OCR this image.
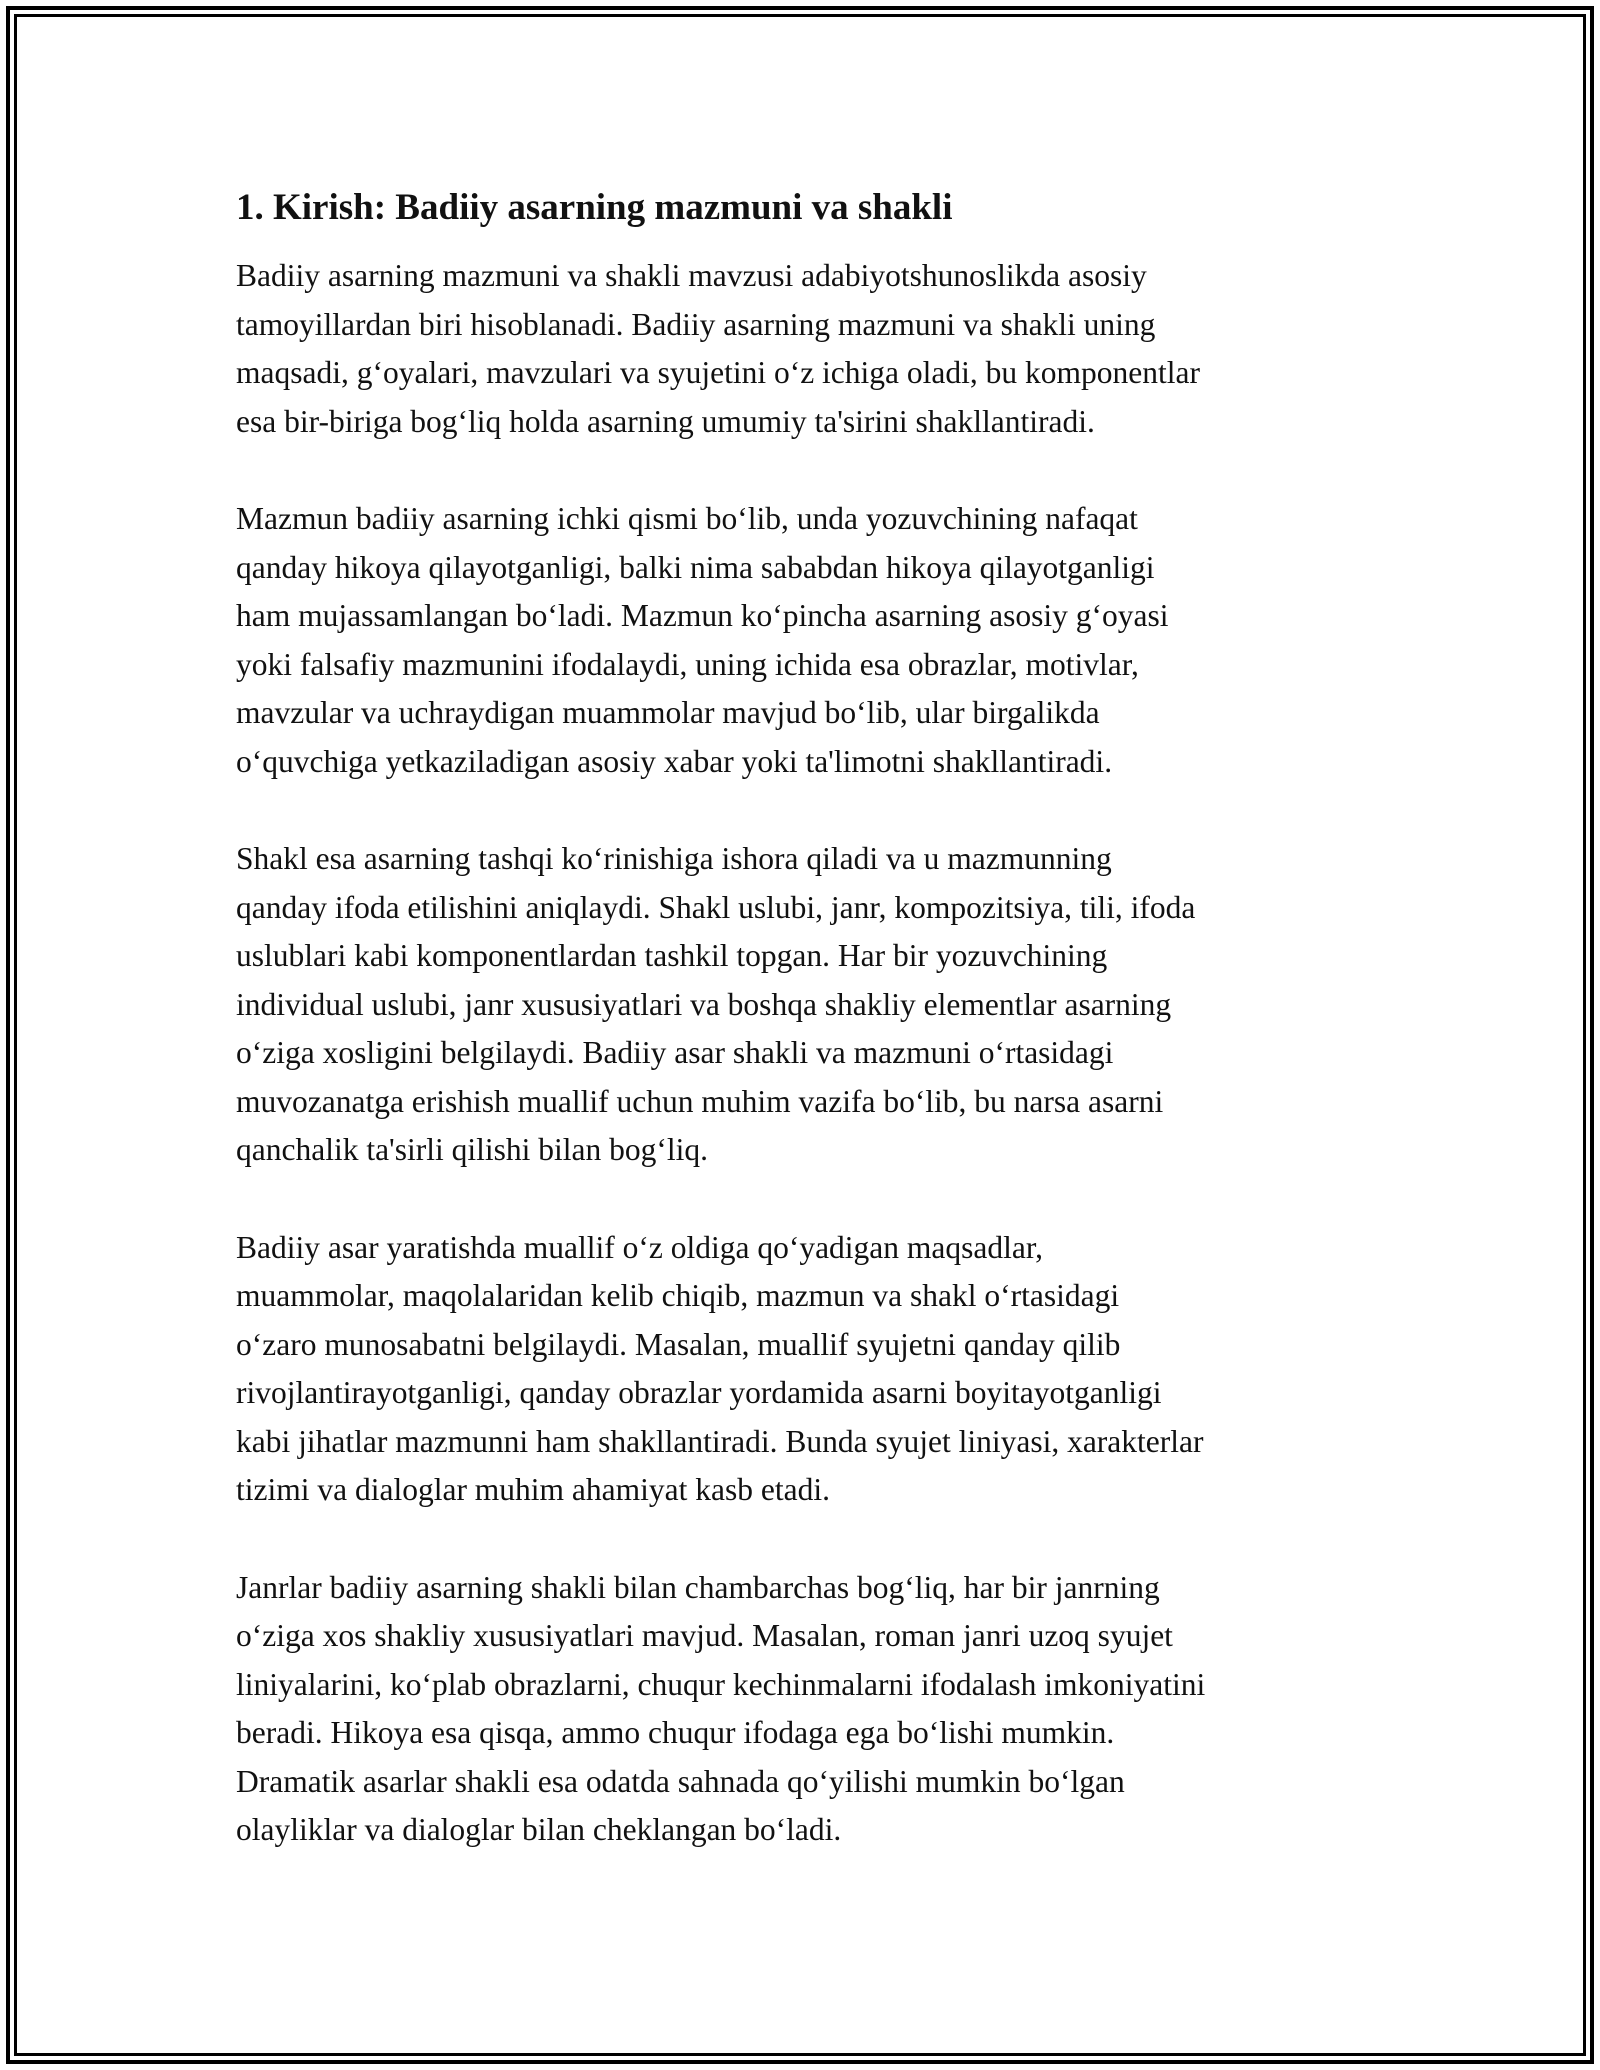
1. Kirish: Badiiy asarning mazmuni va shakli

Badiiy asarning mazmuni va shakli mavzusi adabiyotshunoslikda asosiy
tamoyillardan biri hisoblanadi. Badiiy asarning mazmuni va shakli uning
maqsadi, g‘oyalari, mavzulari va syujetini o‘z ichiga oladi, bu komponentlar
esa bir-biriga bog‘liq holda asarning umumiy ta'sirini shakllantiradi.

Mazmun badiiy asarning ichki qismi bo‘lib, unda yozuvchining nafaqat
qanday hikoya qilayotganligi, balki nima sababdan hikoya qilayotganligi
ham mujassamlangan bo‘ladi. Mazmun ko‘pincha asarning asosiy g‘oyasi
yoki falsafiy mazmunini ifodalaydi, uning ichida esa obrazlar, motivlar,
mavzular va uchraydigan muammolar mavjud bo‘lib, ular birgalikda
o‘quvchiga yetkaziladigan asosiy xabar yoki ta'limotni shakllantiradi.

Shakl esa asarning tashqi ko‘rinishiga ishora qiladi va u mazmunning
qanday ifoda etilishini aniqlaydi. Shakl uslubi, janr, kompozitsiya, tili, ifoda
uslublari kabi komponentlardan tashkil topgan. Har bir yozuvchining
individual uslubi, janr xususiyatlari va boshqa shakliy elementlar asarning
o‘ziga xosligini belgilaydi. Badiiy asar shakli va mazmuni o‘rtasidagi
muvozanatga erishish muallif uchun muhim vazifa bo‘lib, bu narsa asarni
qanchalik ta'sirli qilishi bilan bog‘liq.

Badiiy asar yaratishda muallif o‘z oldiga qo‘yadigan maqsadlar,
muammolar, maqolalaridan kelib chiqib, mazmun va shakl o‘rtasidagi
o‘zaro munosabatni belgilaydi. Masalan, muallif syujetni qanday qilib
rivojlantirayotganligi, qanday obrazlar yordamida asarni boyitayotganligi
kabi jihatlar mazmunni ham shakllantiradi. Bunda syujet liniyasi, xarakterlar
tizimi va dialoglar muhim ahamiyat kasb etadi.

Janrlar badiiy asarning shakli bilan chambarchas bog‘liq, har bir janrning
o‘ziga xos shakliy xususiyatlari mavjud. Masalan, roman janri uzoq syujet
liniyalarini, ko‘plab obrazlarni, chuqur kechinmalarni ifodalash imkoniyatini
beradi. Hikoya esa qisqa, ammo chuqur ifodaga ega bo‘lishi mumkin.
Dramatik asarlar shakli esa odatda sahnada qo‘yilishi mumkin bo‘lgan
olayliklar va dialoglar bilan cheklangan bo‘ladi.
